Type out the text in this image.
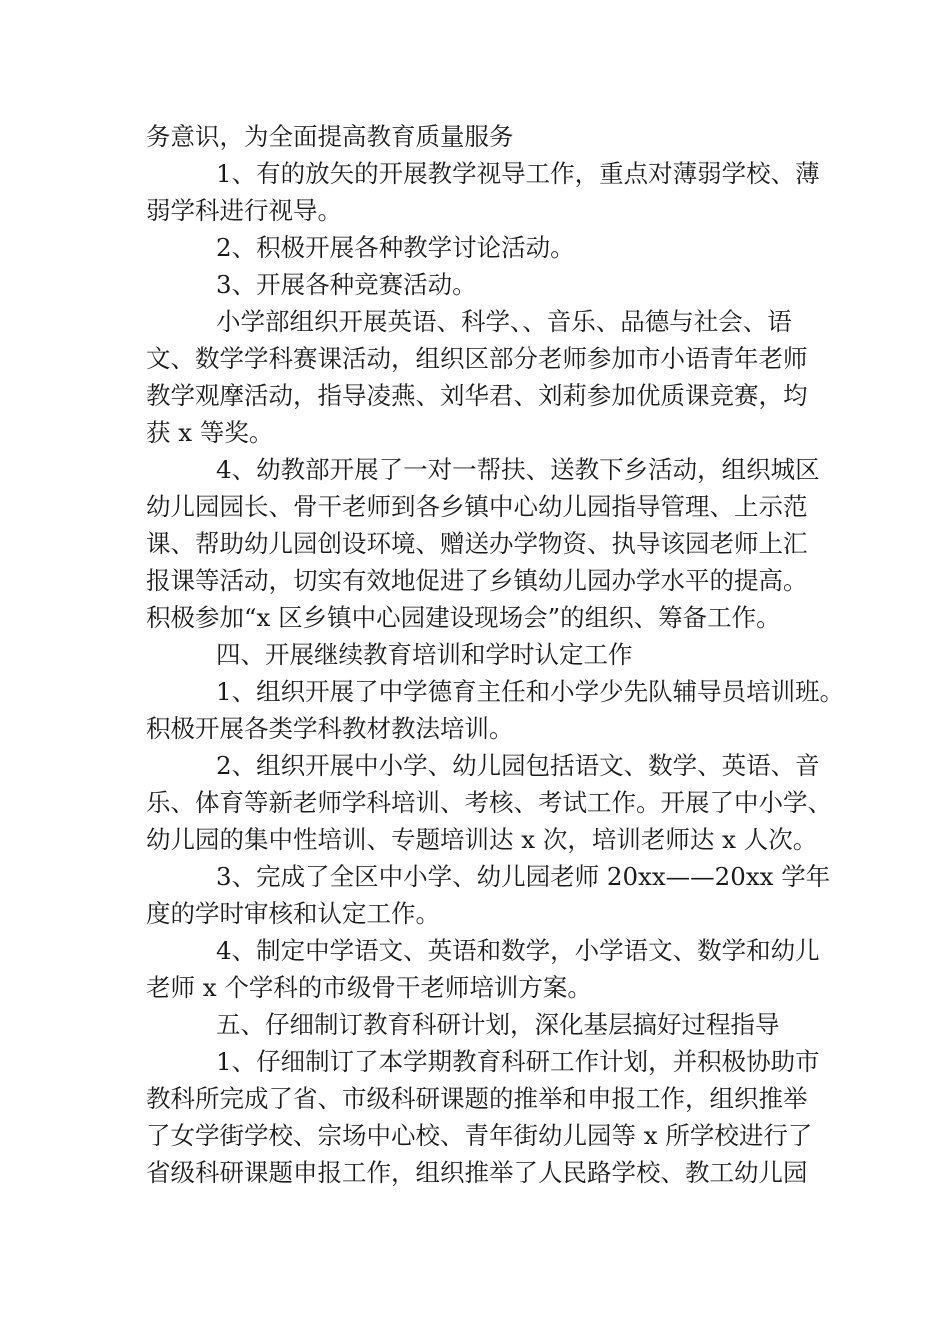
务意识，为全面提高教育质量服务
1、有的放矢的开展教学视导工作，重点对薄弱学校、薄
弱学科进行视导。
2、积极开展各种教学讨论活动。
3、开展各种竞赛活动。
小学部组织开展英语、科学、、音乐、品德与社会、语
文、数学学科赛课活动，组织区部分老师参加市小语青年老师
教学观摩活动，指导凌燕、刘华君、刘莉参加优质课竞赛，均
获 x 等奖。
4、幼教部开展了一对一帮扶、送教下乡活动，组织城区
幼儿园园长、骨干老师到各乡镇中心幼儿园指导管理、上示范
课、帮助幼儿园创设环境、赠送办学物资、执导该园老师上汇
报课等活动，切实有效地促进了乡镇幼儿园办学水平的提高。
积极参加“x 区乡镇中心园建设现场会”的组织、筹备工作。
四、开展继续教育培训和学时认定工作
1、组织开展了中学德育主任和小学少先队辅导员培训班。
积极开展各类学科教材教法培训。
2、组织开展中小学、幼儿园包括语文、数学、英语、音
乐、体育等新老师学科培训、考核、考试工作。开展了中小学、
幼儿园的集中性培训、专题培训达 x 次，培训老师达 x 人次。
3、完成了全区中小学、幼儿园老师 20xx——20xx 学年
度的学时审核和认定工作。
4、制定中学语文、英语和数学，小学语文、数学和幼儿
老师 x 个学科的市级骨干老师培训方案。
五、仔细制订教育科研计划，深化基层搞好过程指导
1、仔细制订了本学期教育科研工作计划，并积极协助市
教科所完成了省、市级科研课题的推举和申报工作，组织推举
了女学街学校、宗场中心校、青年街幼儿园等 x 所学校进行了
省级科研课题申报工作，组织推举了人民路学校、教工幼儿园
